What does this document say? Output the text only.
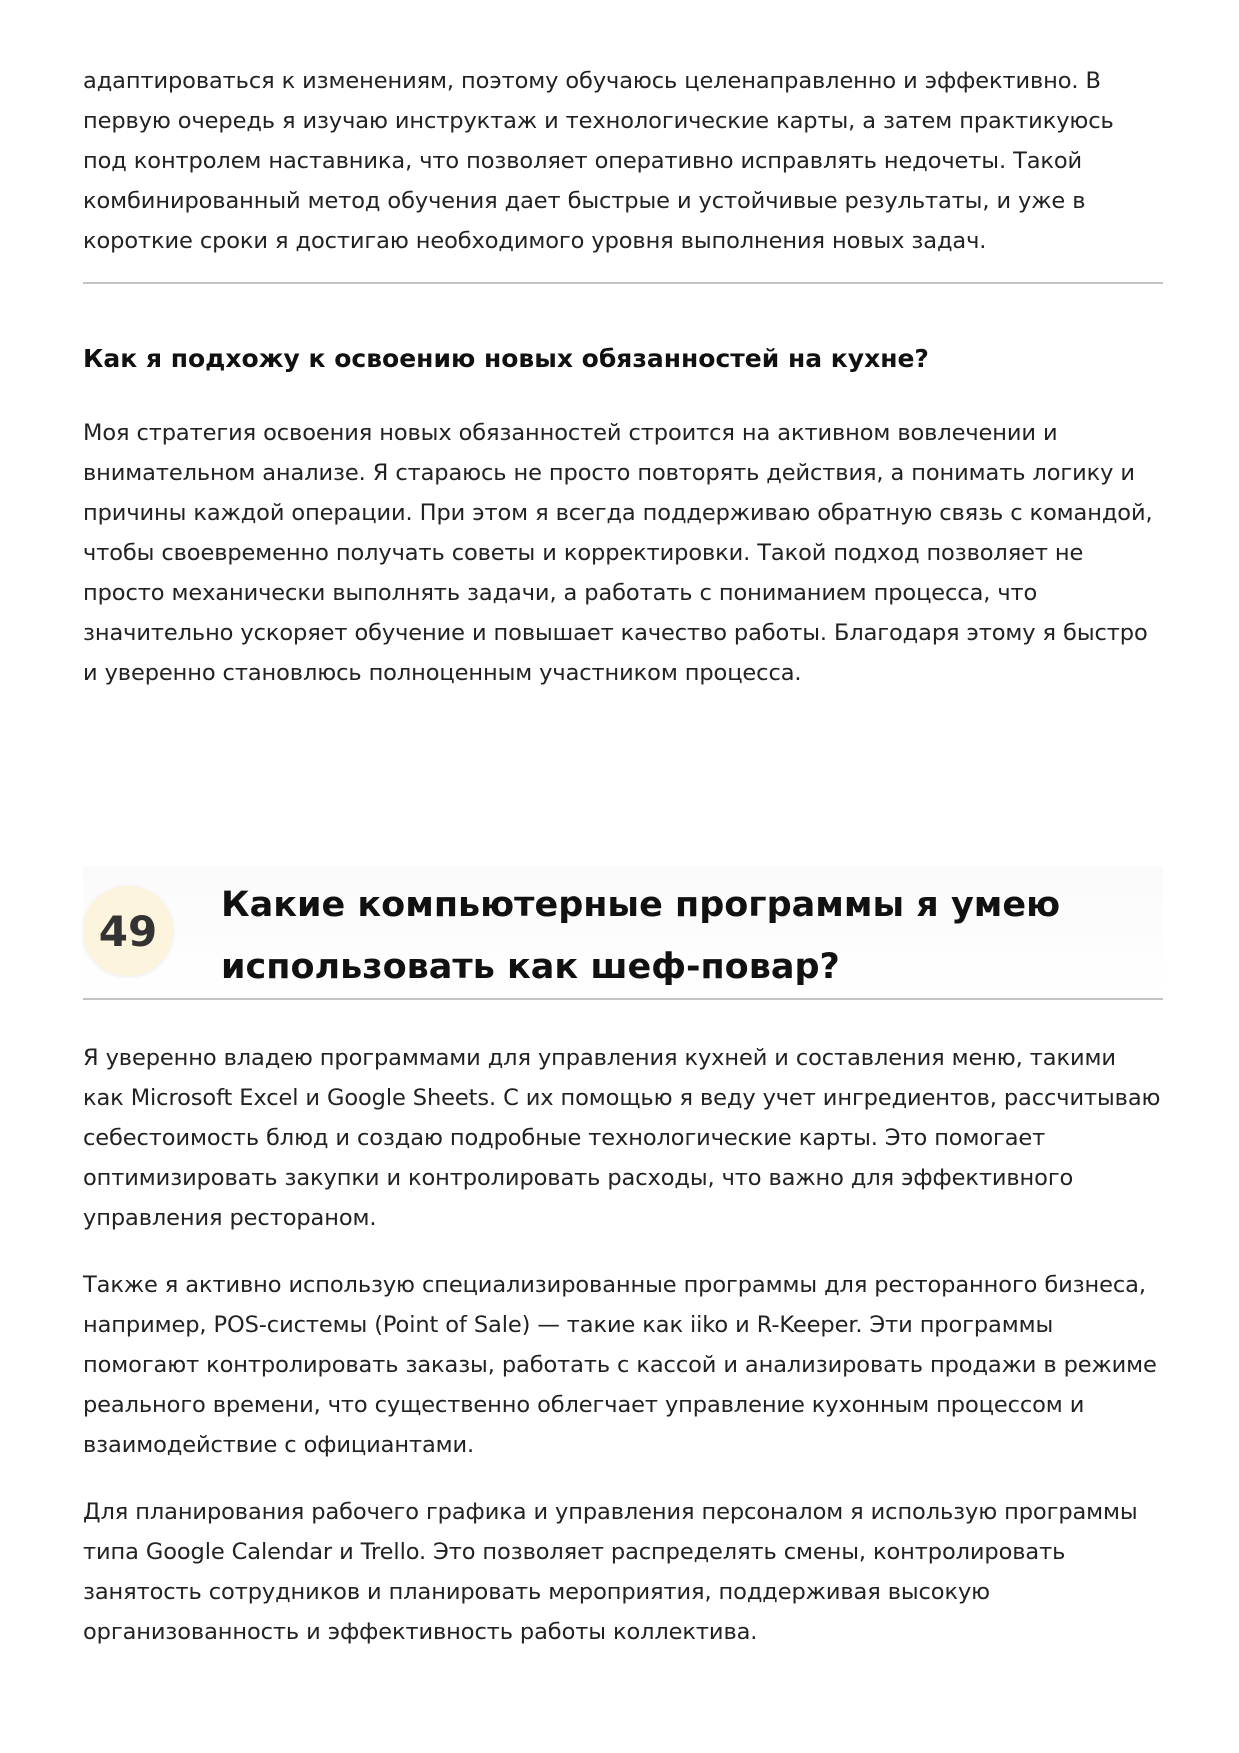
адаптироваться к изменениям, поэтому обучаюсь целенаправленно и эффективно. В первую очередь я изучаю инструктаж и технологические карты, а затем практикуюсь под контролем наставника, что позволяет оперативно исправлять недочеты. Такой комбинированный метод обучения дает быстрые и устойчивые результаты, и уже в короткие сроки я достигаю необходимого уровня выполнения новых задач.

Как я подхожу к освоению новых обязанностей на кухне?

Моя стратегия освоения новых обязанностей строится на активном вовлечении и внимательном анализе. Я стараюсь не просто повторять действия, а понимать логику и причины каждой операции. При этом я всегда поддерживаю обратную связь с командой, чтобы своевременно получать советы и корректировки. Такой подход позволяет не просто механически выполнять задачи, а работать с пониманием процесса, что значительно ускоряет обучение и повышает качество работы. Благодаря этому я быстро и уверенно становлюсь полноценным участником процесса.

49
Какие компьютерные программы я умею использовать как шеф-повар?

Я уверенно владею программами для управления кухней и составления меню, такими как Microsoft Excel и Google Sheets. С их помощью я веду учет ингредиентов, рассчитываю себестоимость блюд и создаю подробные технологические карты. Это помогает оптимизировать закупки и контролировать расходы, что важно для эффективного управления рестораном.

Также я активно использую специализированные программы для ресторанного бизнеса, например, POS-системы (Point of Sale) — такие как iiko и R-Keeper. Эти программы помогают контролировать заказы, работать с кассой и анализировать продажи в режиме реального времени, что существенно облегчает управление кухонным процессом и взаимодействие с официантами.

Для планирования рабочего графика и управления персоналом я использую программы типа Google Calendar и Trello. Это позволяет распределять смены, контролировать занятость сотрудников и планировать мероприятия, поддерживая высокую организованность и эффективность работы коллектива.
